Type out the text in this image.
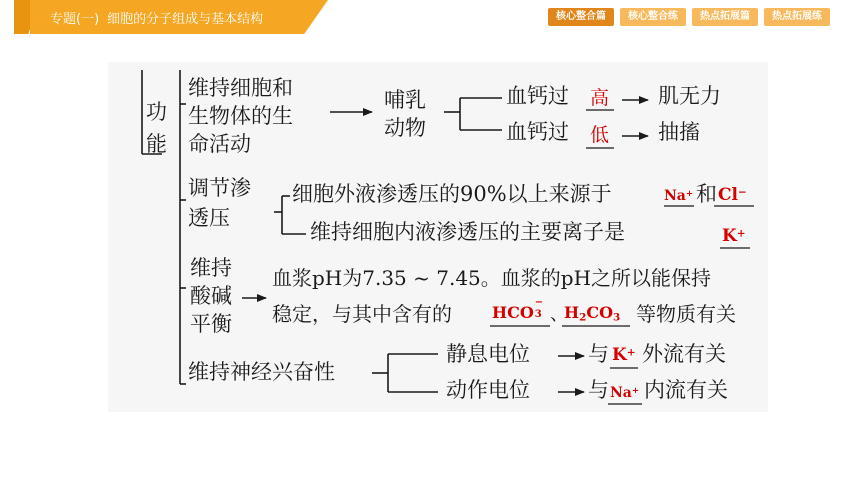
专题(一) 细胞的分子组成与基本结构	核心整合篇	核心整合练	热点拓展篇	热点拓展练
功
能
维持细胞和
生物体的生
命活动
哺乳
动物
血钙过 高 肌无力
血钙过 低 抽搐
调节渗
透压
细胞外液渗透压的90%以上来源于	Na+ 和 Cl−
维持细胞内液渗透压的主要离子是	K+
维持
酸碱
平衡
血浆pH为7.35 ~ 7.45。血浆的pH之所以能保持
稳定，与其中含有的	HCO
−
3
、
$H_2CO_3$ 等物质有关
维持神经兴奋性
静息电位	与 K+ 外流有关
动作电位	与 Na+ 内流有关
